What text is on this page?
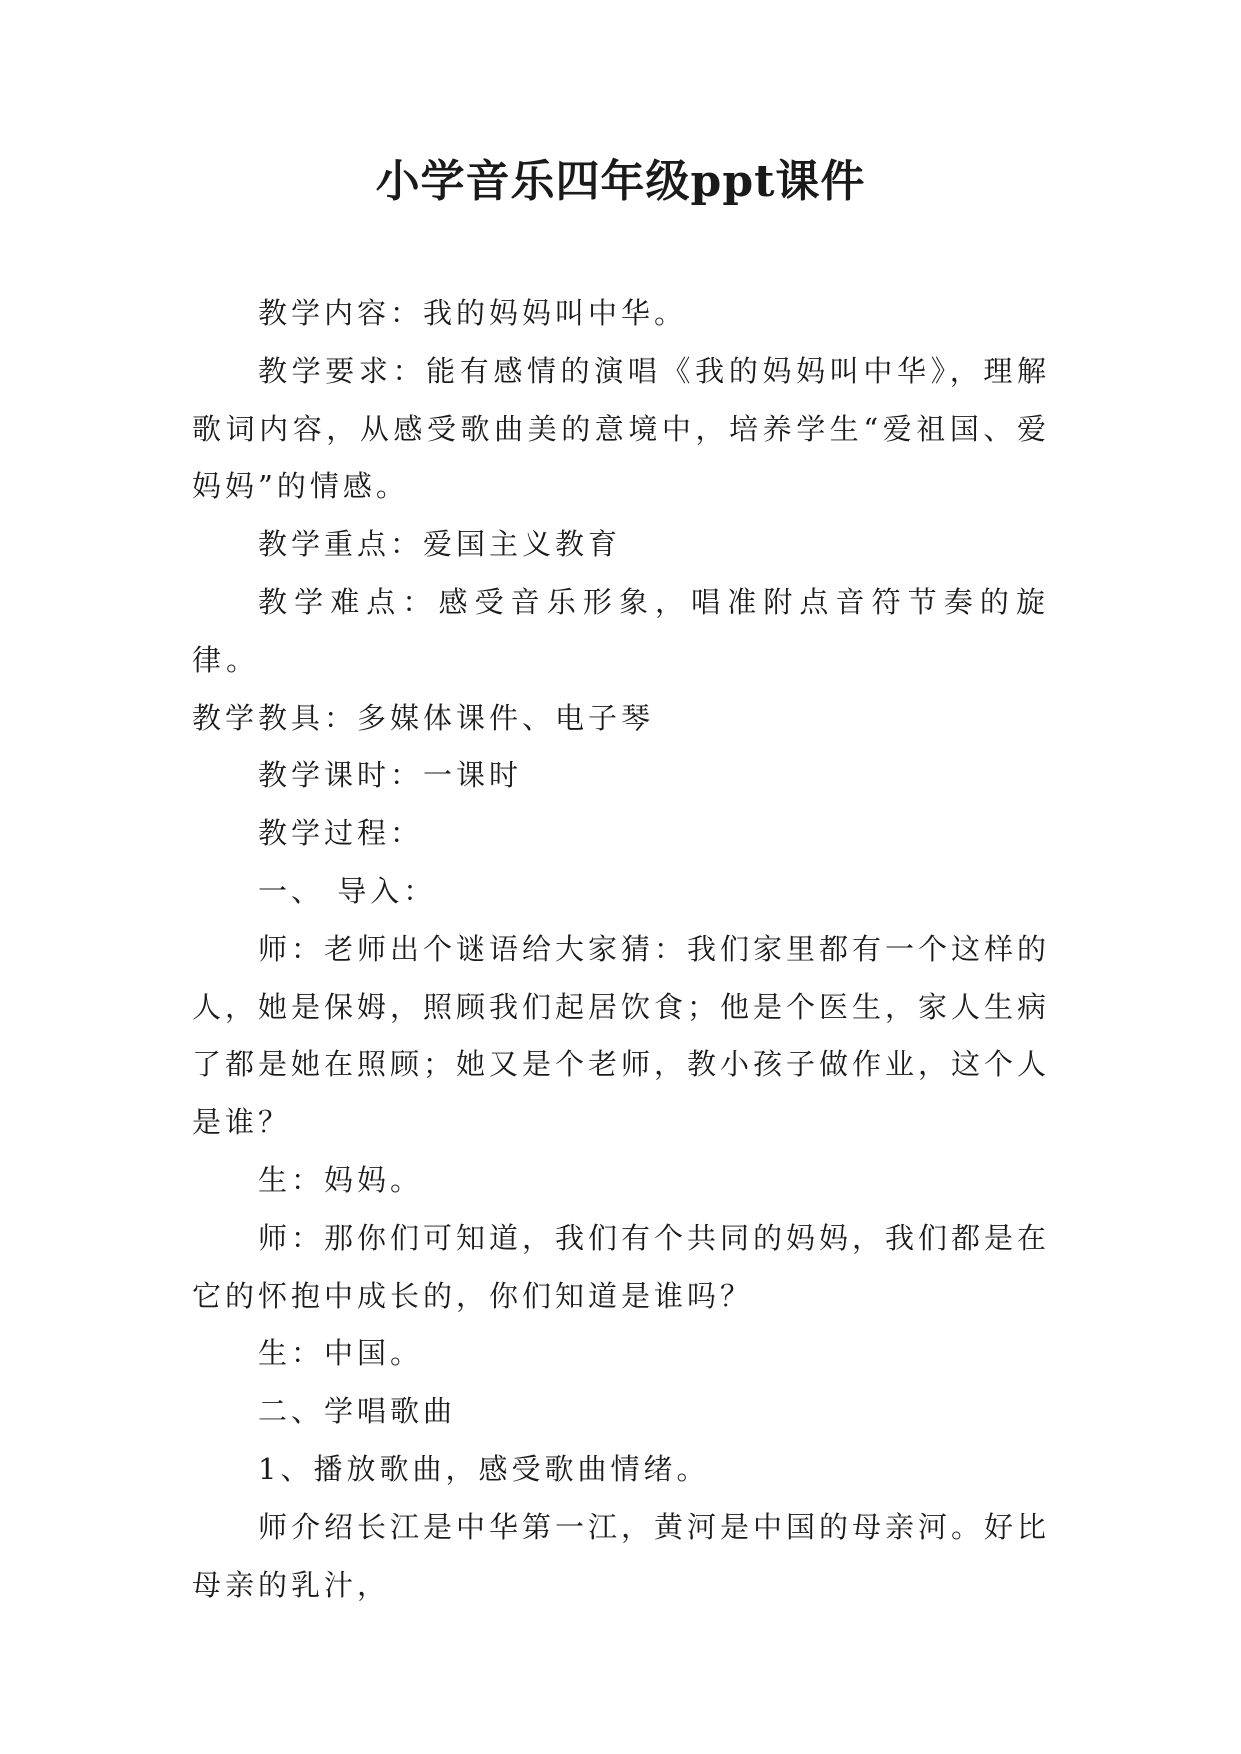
小学音乐四年级ppt课件

教学内容：我的妈妈叫中华。

教学要求：能有感情的演唱《我的妈妈叫中华》，理解歌词内容，从感受歌曲美的意境中，培养学生“爱祖国、爱妈妈”的情感。

教学重点：爱国主义教育

教学难点：感受音乐形象，唱准附点音符节奏的旋律。

教学教具：多媒体课件、电子琴

教学课时：一课时

教学过程：

一、 导入：

师：老师出个谜语给大家猜：我们家里都有一个这样的人，她是保姆，照顾我们起居饮食；他是个医生，家人生病了都是她在照顾；她又是个老师，教小孩子做作业，这个人是谁？

生：妈妈。

师：那你们可知道，我们有个共同的妈妈，我们都是在它的怀抱中成长的，你们知道是谁吗？

生：中国。

二、学唱歌曲

1、播放歌曲，感受歌曲情绪。

师介绍长江是中华第一江，黄河是中国的母亲河。好比母亲的乳汁，
